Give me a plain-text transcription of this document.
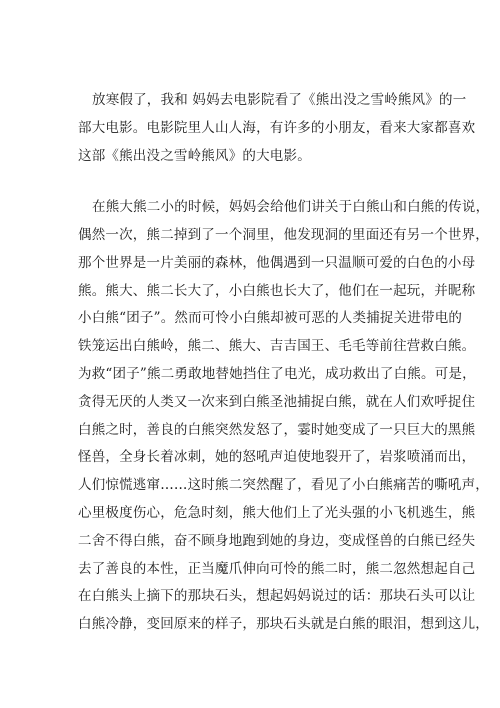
放寒假了，我和 妈妈去电影院看了《熊出没之雪岭熊风》的一
部大电影。电影院里人山人海，有许多的小朋友，看来大家都喜欢
这部《熊出没之雪岭熊风》的大电影。
在熊大熊二小的时候，妈妈会给他们讲关于白熊山和白熊的传说，
偶然一次，熊二掉到了一个洞里，他发现洞的里面还有另一个世界，
那个世界是一片美丽的森林，他偶遇到一只温顺可爱的白色的小母
熊。熊大、熊二长大了，小白熊也长大了，他们在一起玩，并昵称
小白熊“团子”。然而可怜小白熊却被可恶的人类捕捉关进带电的
铁笼运出白熊岭，熊二、熊大、吉吉国王、毛毛等前往营救白熊。
为救“团子”熊二勇敢地替她挡住了电光，成功救出了白熊。可是，
贪得无厌的人类又一次来到白熊圣池捕捉白熊，就在人们欢呼捉住
白熊之时，善良的白熊突然发怒了，霎时她变成了一只巨大的黑熊
怪兽，全身长着冰刺，她的怒吼声迫使地裂开了，岩浆喷涌而出，
人们惊慌逃窜……这时熊二突然醒了，看见了小白熊痛苦的嘶吼声，
心里极度伤心，危急时刻，熊大他们上了光头强的小飞机逃生，熊
二舍不得白熊，奋不顾身地跑到她的身边，变成怪兽的白熊已经失
去了善良的本性，正当魔爪伸向可怜的熊二时，熊二忽然想起自己
在白熊头上摘下的那块石头，想起妈妈说过的话：那块石头可以让
白熊冷静，变回原来的样子，那块石头就是白熊的眼泪，想到这儿，
